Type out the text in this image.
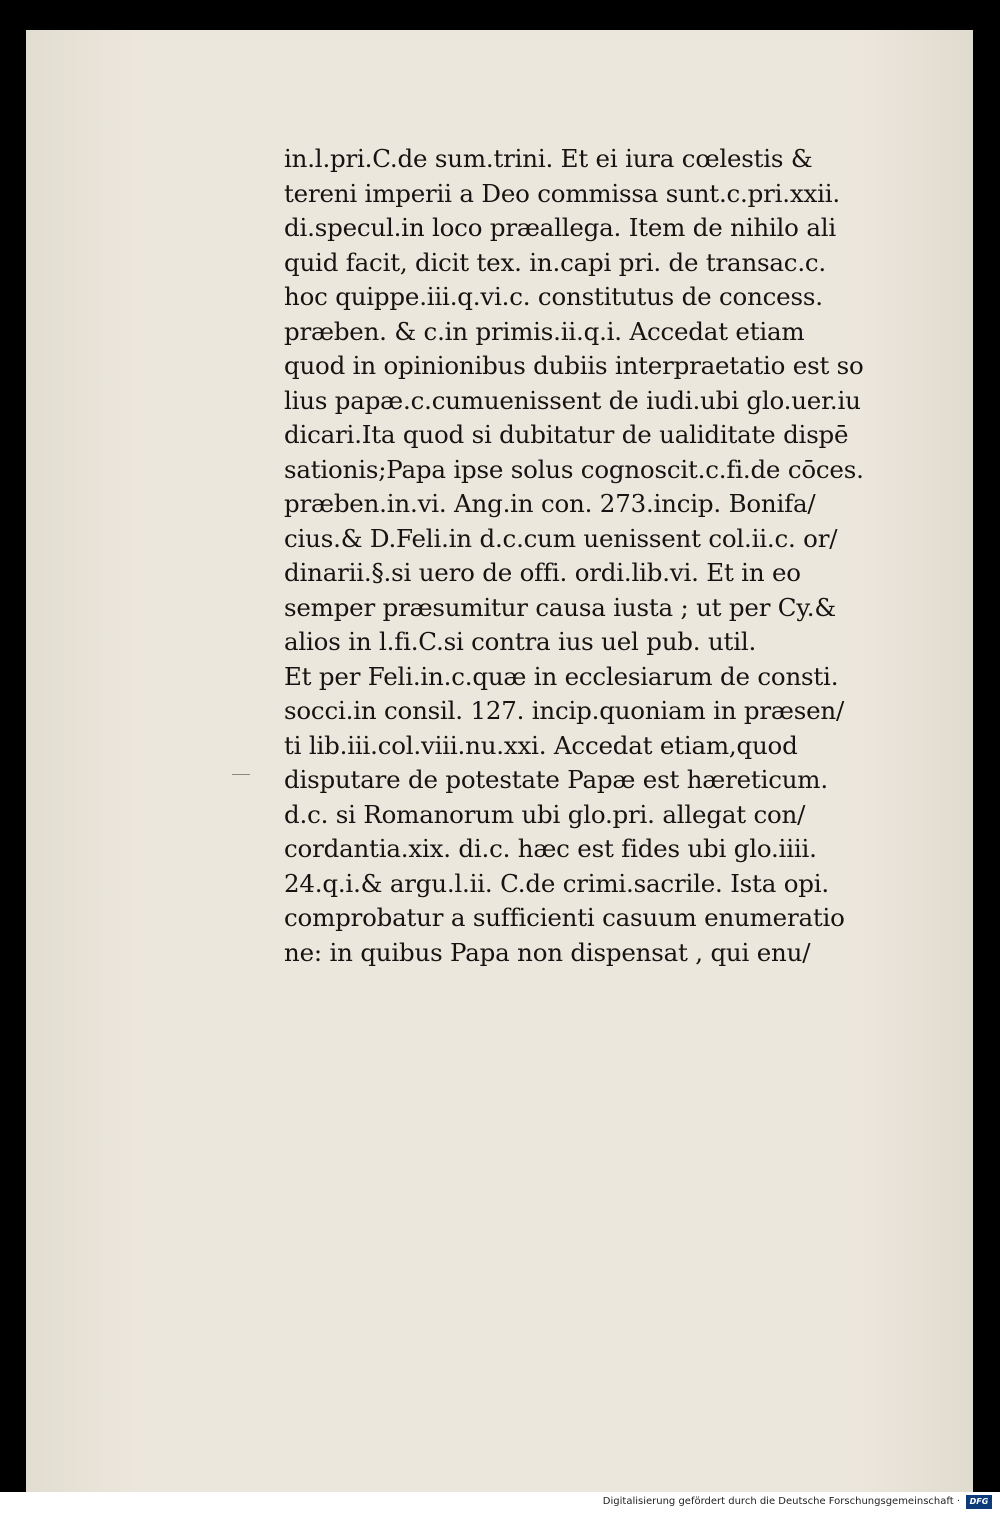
in.l.pri.C.de sum.trini. Et ei iura cœlestis &
tereni imperii a Deo commissa sunt.c.pri.xxii.
di.specul.in loco præallega. Item de nihilo ali
quid facit, dicit tex. in.capi pri. de transac.c.
hoc quippe.iii.q.vi.c. constitutus de concess.
præben. & c.in primis.ii.q.i. Accedat etiam
quod in opinionibus dubiis interpraetatio est so
lius papæ.c.cumuenissent de iudi.ubi glo.uer.iu
dicari.Ita quod si dubitatur de ualiditate dispē
sationis;Papa ipse solus cognoscit.c.fi.de cōces.
præben.in.vi. Ang.in con. 273.incip. Bonifa/
cius.& D.Feli.in d.c.cum uenissent col.ii.c. or/
dinarii.§.si uero de offi. ordi.lib.vi. Et in eo
semper præsumitur causa iusta ; ut per Cy.&
alios in l.fi.C.si contra ius uel pub. util.
Et per Feli.in.c.quæ in ecclesiarum de consti.
socci.in consil. 127. incip.quoniam in præsen/
ti lib.iii.col.viii.nu.xxi. Accedat etiam,quod
disputare de potestate Papæ est hæreticum.
d.c. si Romanorum ubi glo.pri. allegat con/
cordantia.xix. di.c. hæc est fides ubi glo.iiii.
24.q.i.& argu.l.ii. C.de crimi.sacrile. Ista opi.
comprobatur a sufficienti casuum enumeratio
ne: in quibus Papa non dispensat , qui enu/
Digitalisierung gefördert durch die Deutsche Forschungsgemeinschaft ·	DFG
